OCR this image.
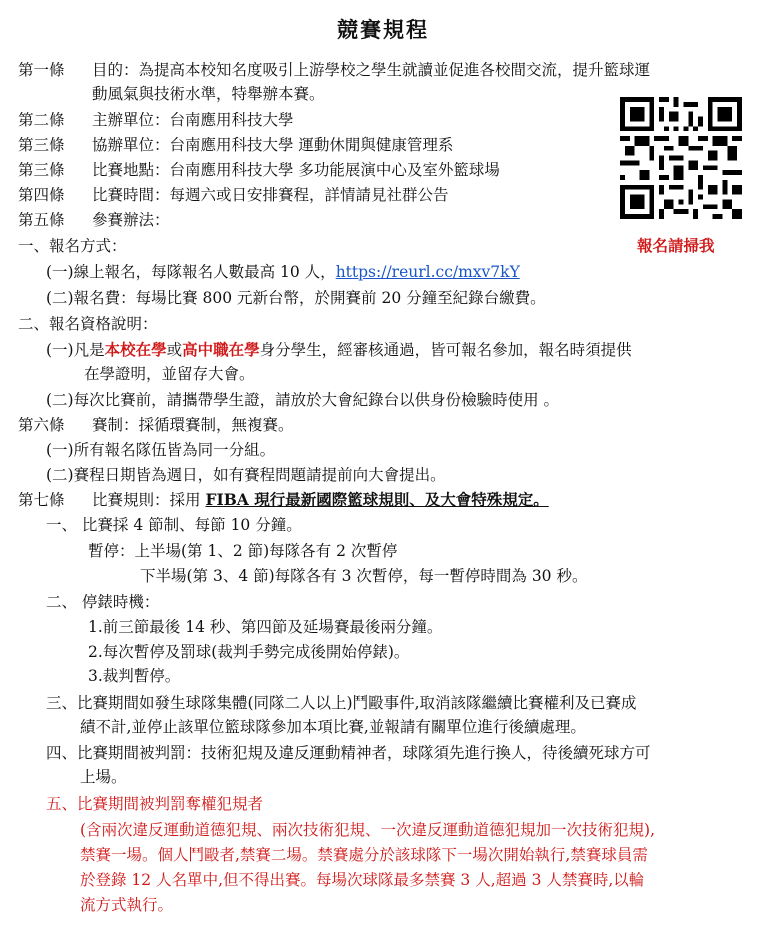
競賽規程
第一條 目的：為提高本校知名度吸引上游學校之學生就讀並促進各校間交流，提升籃球運
動風氣與技術水準，特舉辦本賽。
第二條 主辦單位：台南應用科技大學
第三條 協辦單位：台南應用科技大學 運動休閒與健康管理系
第三條 比賽地點：台南應用科技大學 多功能展演中心及室外籃球場
第四條 比賽時間：每週六或日安排賽程，詳情請見社群公告
第五條 參賽辦法：
報名請掃我
一、報名方式：
(一)線上報名，每隊報名人數最高 10 人，https://reurl.cc/mxv7kY
(二)報名費：每場比賽 800 元新台幣，於開賽前 20 分鐘至紀錄台繳費。
二、報名資格說明：
(一)凡是本校在學或高中職在學身分學生，經審核通過，皆可報名參加，報名時須提供
在學證明，並留存大會。
(二)每次比賽前，請攜帶學生證，請放於大會紀錄台以供身份檢驗時使用 。
第六條 賽制：採循環賽制，無複賽。
(一)所有報名隊伍皆為同一分組。
(二)賽程日期皆為週日，如有賽程問題請提前向大會提出。
第七條 比賽規則：採用 FIBA 現行最新國際籃球規則、及大會特殊規定。
一、 比賽採 4 節制、每節 10 分鐘。
暫停：上半場(第 1、2 節)每隊各有 2 次暫停
下半場(第 3、4 節)每隊各有 3 次暫停，每一暫停時間為 30 秒。
二、 停錶時機：
1.前三節最後 14 秒、第四節及延場賽最後兩分鐘。
2.每次暫停及罰球(裁判手勢完成後開始停錶)。
3.裁判暫停。
三、比賽期間如發生球隊集體(同隊二人以上)鬥毆事件,取消該隊繼續比賽權利及已賽成
績不計,並停止該單位籃球隊參加本項比賽,並報請有關單位進行後續處理。
四、比賽期間被判罰：技術犯規及違反運動精神者，球隊須先進行換人，待後續死球方可
上場。
五、比賽期間被判罰奪權犯規者
(含兩次違反運動道德犯規、兩次技術犯規、一次違反運動道德犯規加一次技術犯規),
禁賽一場。個人鬥毆者,禁賽二場。禁賽處分於該球隊下一場次開始執行,禁賽球員需
於登錄 12 人名單中,但不得出賽。每場次球隊最多禁賽 3 人,超過 3 人禁賽時,以輪
流方式執行。
